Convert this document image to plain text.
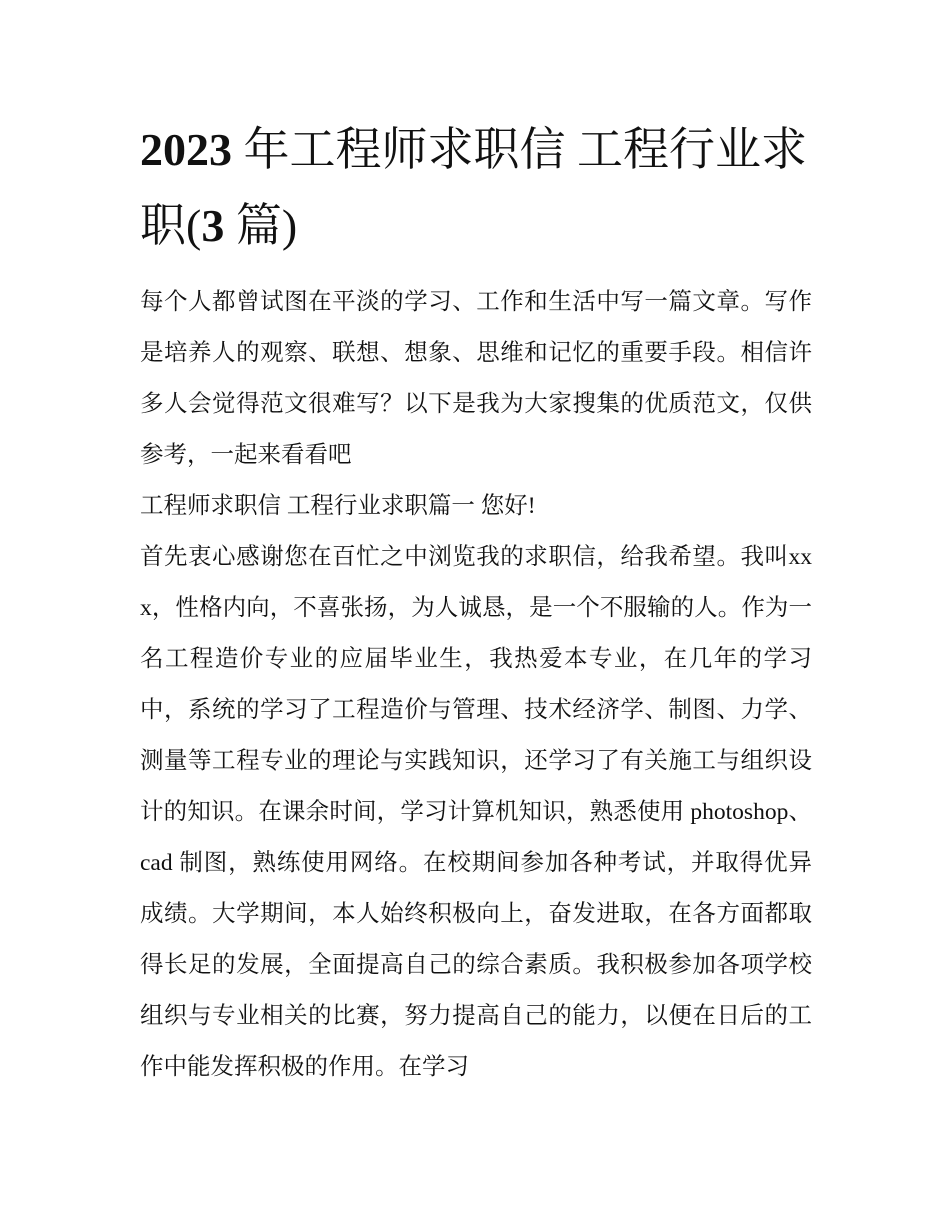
2023 年工程师求职信 工程行业求职(3 篇)

每个人都曾试图在平淡的学习、工作和生活中写一篇文章。写作是培养人的观察、联想、想象、思维和记忆的重要手段。相信许多人会觉得范文很难写？以下是我为大家搜集的优质范文，仅供参考，一起来看看吧

工程师求职信 工程行业求职篇一 您好!

首先衷心感谢您在百忙之中浏览我的求职信，给我希望。我叫xxx，性格内向，不喜张扬，为人诚恳，是一个不服输的人。作为一名工程造价专业的应届毕业生，我热爱本专业，在几年的学习中，系统的学习了工程造价与管理、技术经济学、制图、力学、测量等工程专业的理论与实践知识，还学习了有关施工与组织设计的知识。在课余时间，学习计算机知识，熟悉使用 photoshop、cad 制图，熟练使用网络。在校期间参加各种考试，并取得优异成绩。大学期间，本人始终积极向上，奋发进取，在各方面都取得长足的发展，全面提高自己的综合素质。我积极参加各项学校组织与专业相关的比赛，努力提高自己的能力，以便在日后的工作中能发挥积极的作用。在学习
